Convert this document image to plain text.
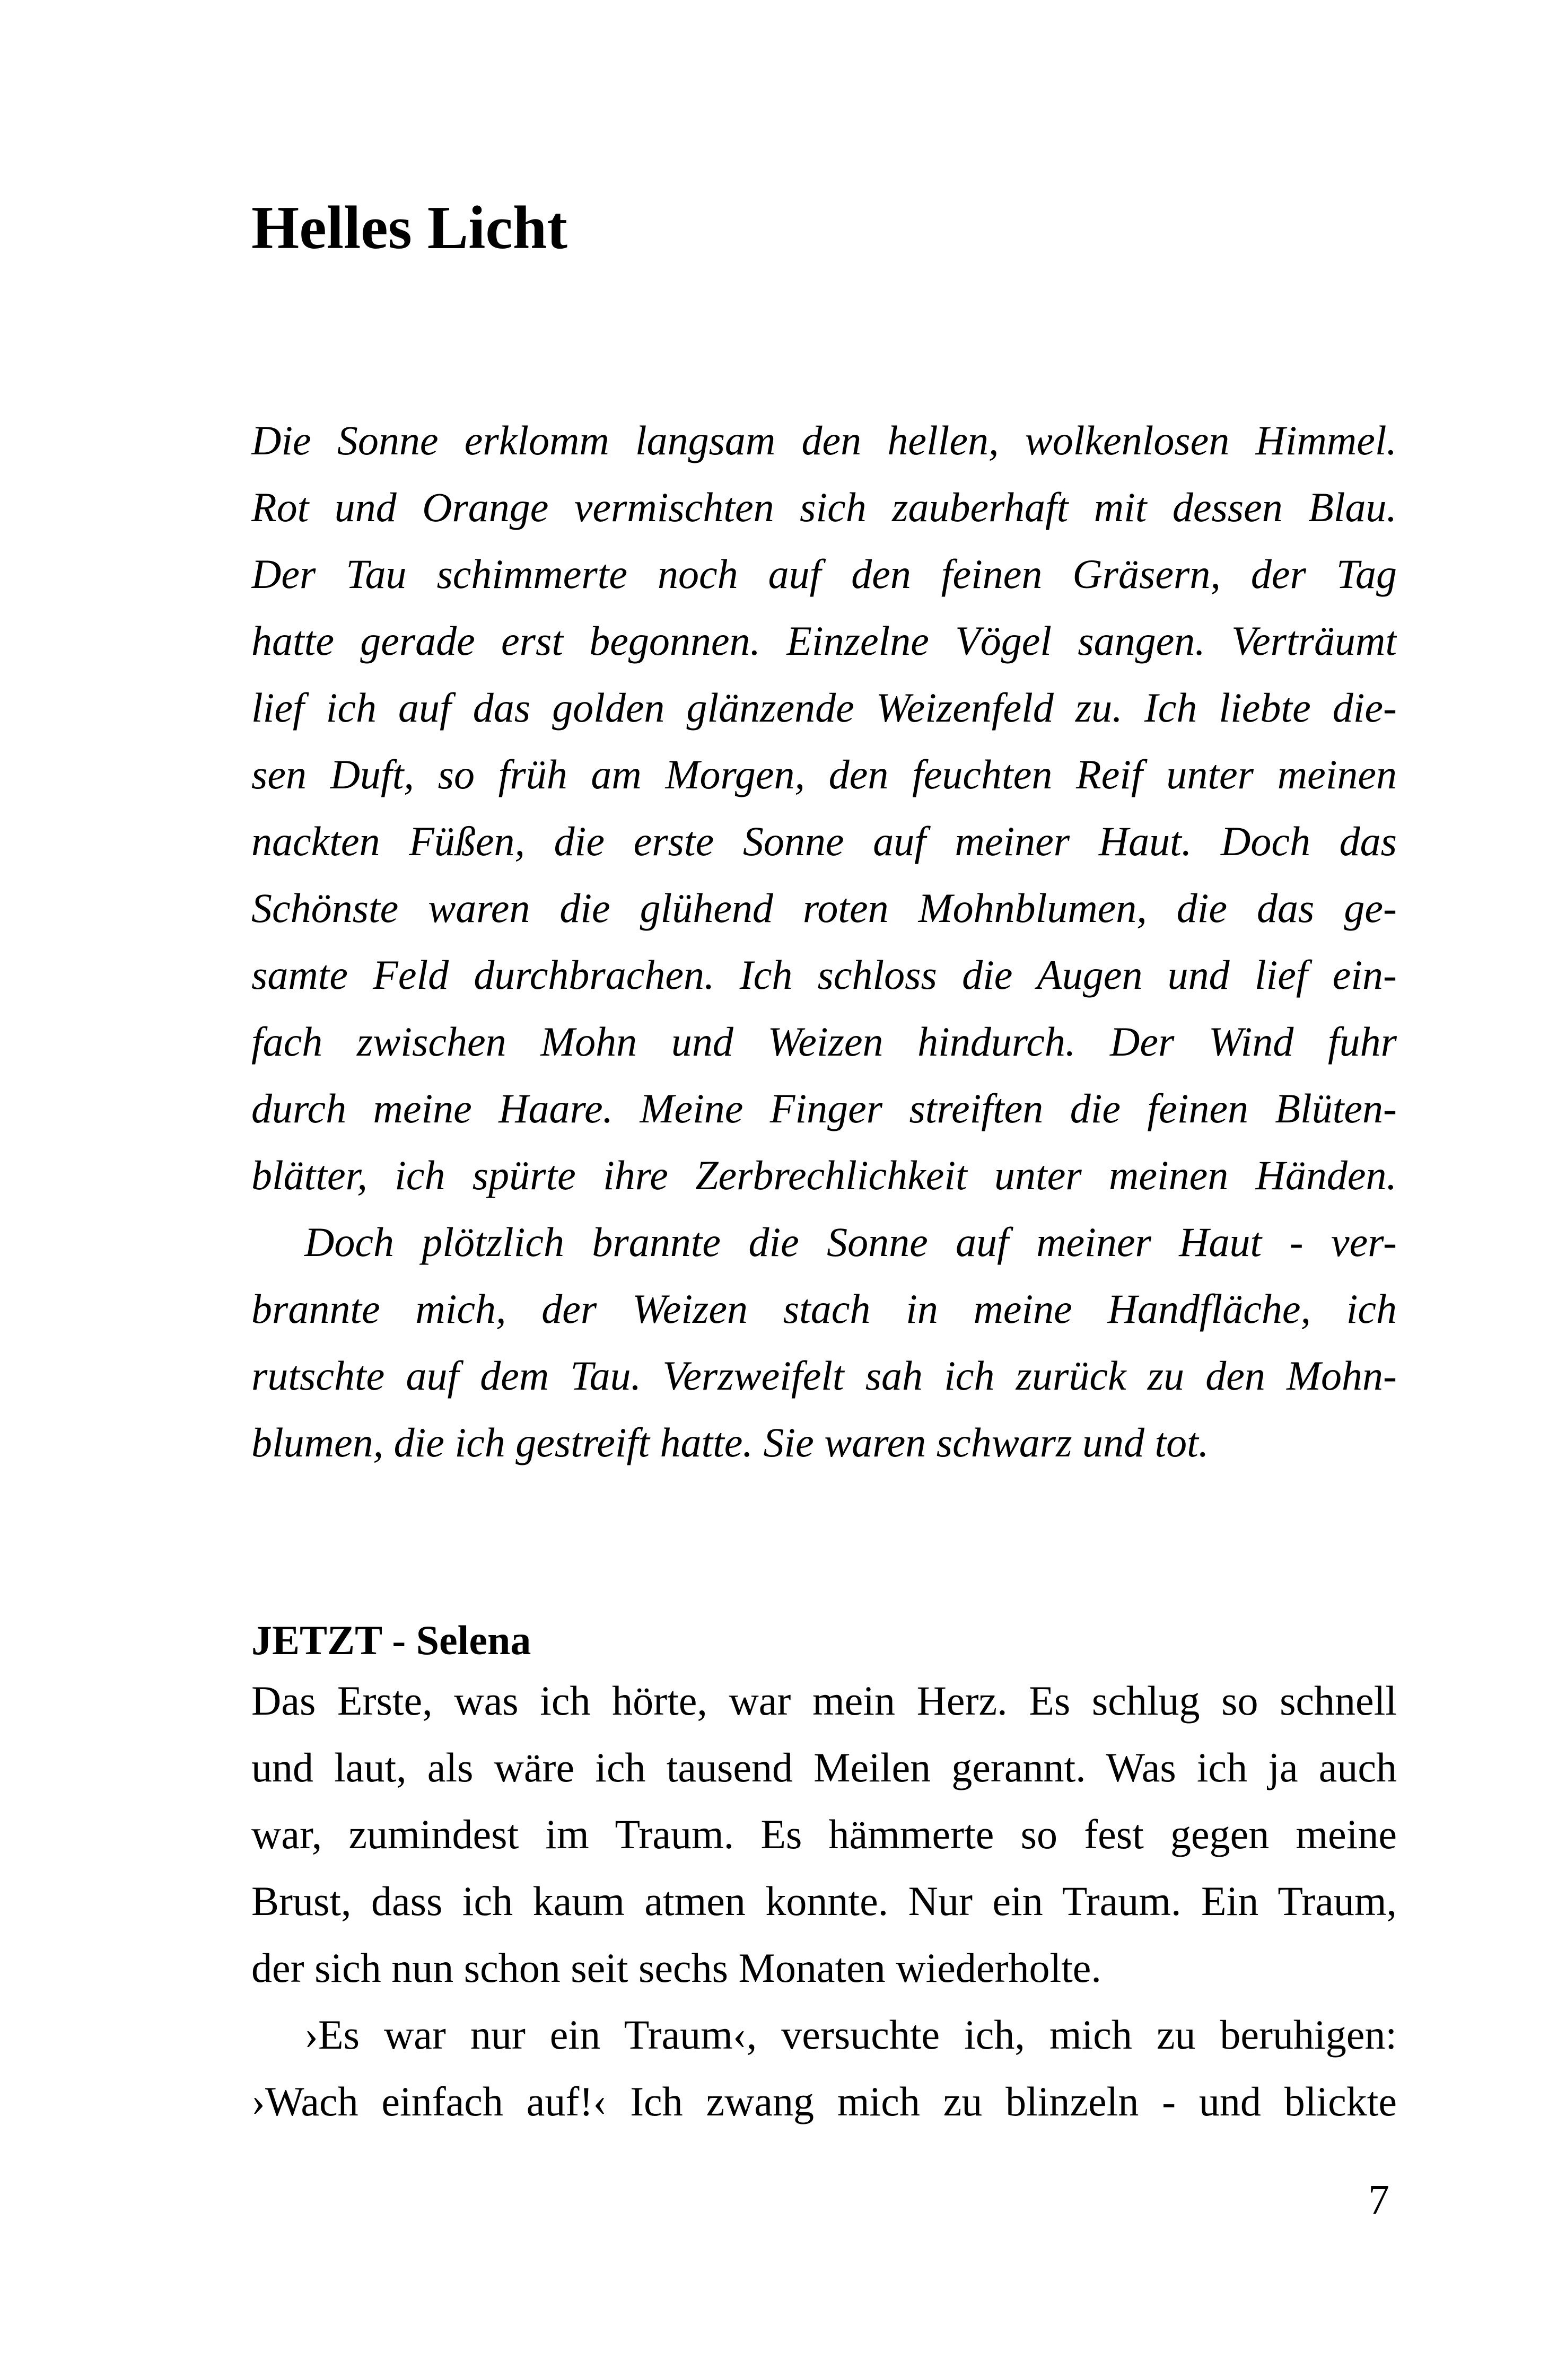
Helles Licht
Die Sonne erklomm langsam den hellen, wolkenlosen Himmel.
Rot und Orange vermischten sich zauberhaft mit dessen Blau.
Der Tau schimmerte noch auf den feinen Gräsern, der Tag
hatte gerade erst begonnen. Einzelne Vögel sangen. Verträumt
lief ich auf das golden glänzende Weizenfeld zu. Ich liebte die-
sen Duft, so früh am Morgen, den feuchten Reif unter meinen
nackten Füßen, die erste Sonne auf meiner Haut. Doch das
Schönste waren die glühend roten Mohnblumen, die das ge-
samte Feld durchbrachen. Ich schloss die Augen und lief ein-
fach zwischen Mohn und Weizen hindurch. Der Wind fuhr
durch meine Haare. Meine Finger streiften die feinen Blüten-
blätter, ich spürte ihre Zerbrechlichkeit unter meinen Händen.
Doch plötzlich brannte die Sonne auf meiner Haut - ver-
brannte mich, der Weizen stach in meine Handfläche, ich
rutschte auf dem Tau. Verzweifelt sah ich zurück zu den Mohn-
blumen, die ich gestreift hatte. Sie waren schwarz und tot.
JETZT - Selena
Das Erste, was ich hörte, war mein Herz. Es schlug so schnell
und laut, als wäre ich tausend Meilen gerannt. Was ich ja auch
war, zumindest im Traum. Es hämmerte so fest gegen meine
Brust, dass ich kaum atmen konnte. Nur ein Traum. Ein Traum,
der sich nun schon seit sechs Monaten wiederholte.
›Es war nur ein Traum‹, versuchte ich, mich zu beruhigen:
›Wach einfach auf!‹ Ich zwang mich zu blinzeln - und blickte
7
